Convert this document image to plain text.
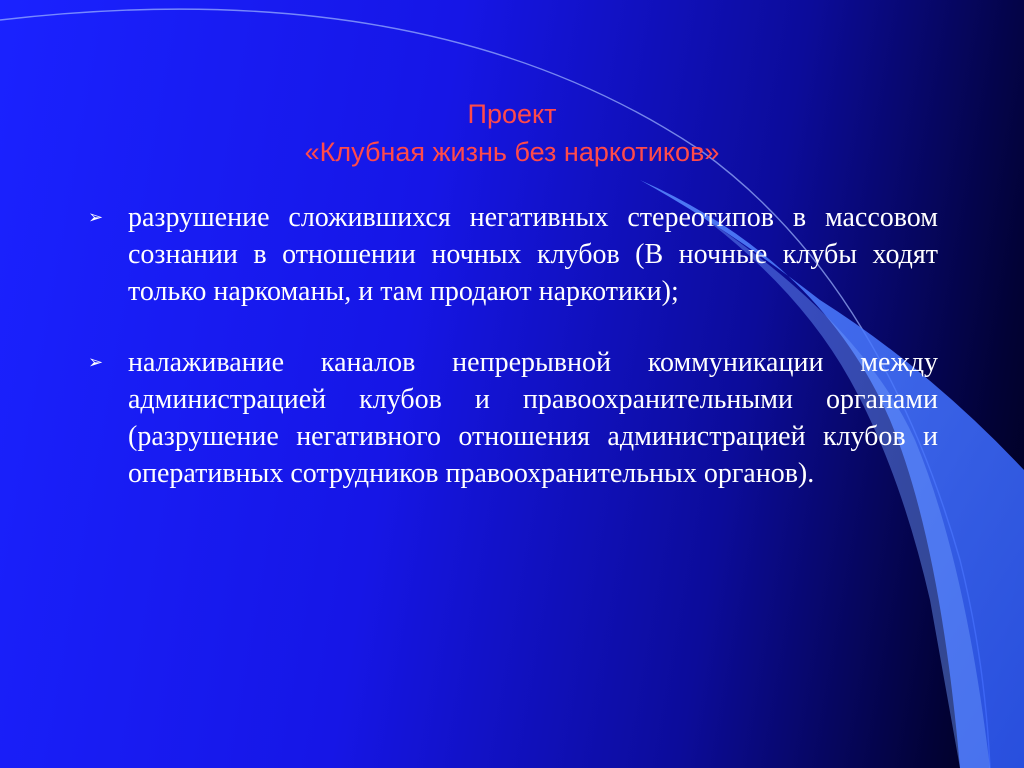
Проект
«Клубная жизнь без наркотиков»
➢ разрушение сложившихся негативных стереотипов в массовом сознании в отношении ночных клубов (В ночные клубы ходят только наркоманы, и там продают наркотики);
➢ налаживание каналов непрерывной коммуникации между администрацией клубов и правоохранительными органами (разрушение негативного отношения администрацией клубов и оперативных сотрудников правоохранительных органов).
